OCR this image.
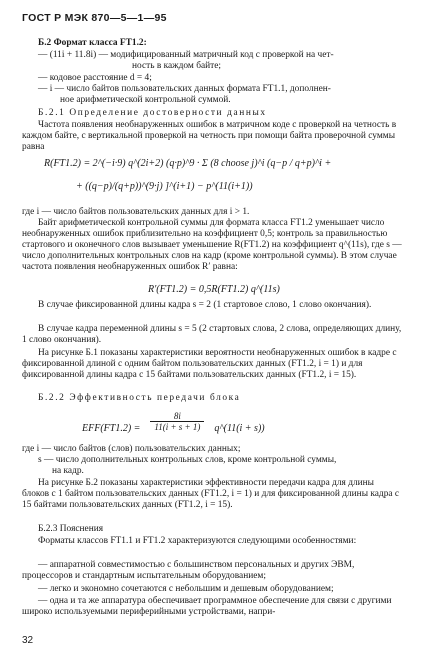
ГОСТ Р МЭК 870—5—1—95
Б.2 Формат класса FT1.2:
— (11i + 11.8i) — модифицированный матричный код с проверкой на чет-
ность в каждом байте;
— кодовое расстояние d = 4;
— i — число байтов пользовательских данных формата FT1.1, дополнен-
ное арифметической контрольной суммой.
Б.2.1 Определение достоверности данных
Частота появления необнаруженных ошибок в матричном коде с проверкой на четность в каждом байте, с вертикальной проверкой на четность при помощи байта проверочной суммы равна
R(FT1.2) = 2^(−i·9) q^(2i+2) (q·p)^9 · Σ (8 choose j)^i (q−p / q+p)^i +
+ ((q−p)/(q+p))^(9·j) ]^(i+1) − p^(11(i+1))
где i — число байтов пользовательских данных для i > 1.
Байт арифметической контрольной суммы для формата класса FT1.2 уменьшает число необнаруженных ошибок приблизительно на коэффициент 0,5; контроль за правильностью стартового и оконечного слов вызывает уменьшение R(FT1.2) на коэффициент q^(11s), где s — число дополнительных контрольных слов на кадр (кроме контрольной суммы). В этом случае частота появления необнаруженных ошибок R′ равна:
R′(FT1.2) = 0,5R(FT1.2) q^(11s)
В случае фиксированной длины кадра s = 2 (1 стартовое слово, 1 слово окончания).
В случае кадра переменной длины s = 5 (2 стартовых слова, 2 слова, определяющих длину, 1 слово окончания).
На рисунке Б.1 показаны характеристики вероятности необнаруженных ошибок в кадре с фиксированной длиной с одним байтом пользовательских данных (FT1.2, i = 1) и для фиксированной длины кадра с 15 байтами пользовательских данных (FT1.2, i = 15).
Б.2.2 Эффективность передачи блока
$_{EFF(FT1.2) =} \frac{8i}{11(i + s + 1)} _{q\^{}(11(i + s))}$
где i — число байтов (слов) пользовательских данных;
s — число дополнительных контрольных слов, кроме контрольной суммы,
на кадр.
На рисунке Б.2 показаны характеристики эффективности передачи кадра для длины блоков с 1 байтом пользовательских данных (FT1.2, i = 1) и для фиксированной длины кадра с 15 байтами пользовательских данных (FT1.2, i = 15).
Б.2.3 Пояснения
Форматы классов FT1.1 и FT1.2 характеризуются следующими особенностями:
— аппаратной совместимостью с большинством персональных и других ЭВМ, процессоров и стандартным испытательным оборудованием;
— легко и экономно сочетаются с небольшим и дешевым оборудованием;
— одна и та же аппаратура обеспечивает программное обеспечение для связи с другими широко используемыми периферийными устройствами, напри-
32
